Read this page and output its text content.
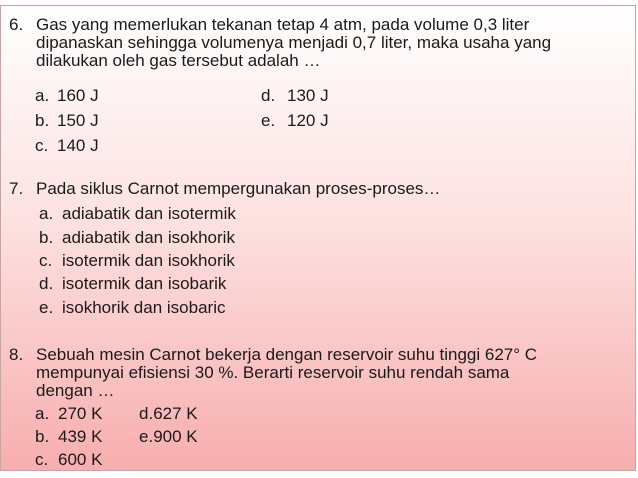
6. Gas yang memerlukan tekanan tetap 4 atm, pada volume 0,3 liter
dipanaskan sehingga volumenya menjadi 0,7 liter, maka usaha yang
dilakukan oleh gas tersebut adalah …
a. 160 J
b. 150 J
c. 140 J
d. 130 J
e. 120 J
7. Pada siklus Carnot mempergunakan proses-proses…
a. adiabatik dan isotermik
b. adiabatik dan isokhorik
c. isotermik dan isokhorik
d. isotermik dan isobarik
e. isokhorik dan isobaric
8. Sebuah mesin Carnot bekerja dengan reservoir suhu tinggi 627° C
mempunyai efisiensi 30 %. Berarti reservoir suhu rendah sama
dengan …
a. 270 K
b. 439 K
c. 600 K
d.627 K
e.900 K
